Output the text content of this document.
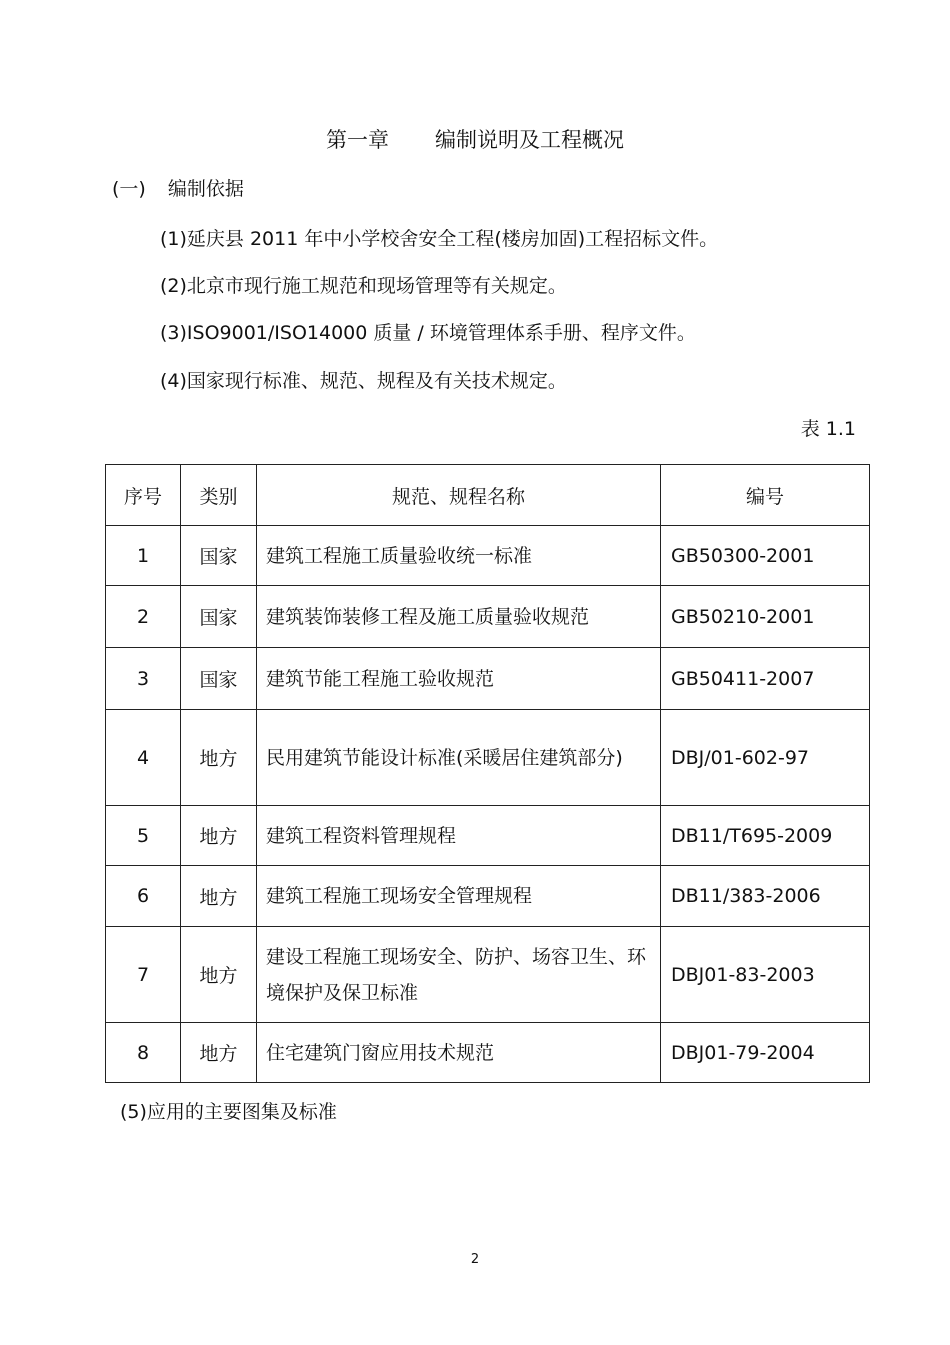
第一章 编制说明及工程概况
(一) 编制依据
(1)延庆县 2011 年中小学校舍安全工程(楼房加固)工程招标文件。
(2)北京市现行施工规范和现场管理等有关规定。
(3)ISO9001/ISO14000 质量 / 环境管理体系手册、程序文件。
(4)国家现行标准、规范、规程及有关技术规定。
表 1.1
序号	类别	规范、规程名称	编号
1	国家	建筑工程施工质量验收统一标准	GB50300-2001
2	国家	建筑装饰装修工程及施工质量验收规范	GB50210-2001
3	国家	建筑节能工程施工验收规范	GB50411-2007
4	地方	民用建筑节能设计标准(采暖居住建筑部分)	DBJ/01-602-97
5	地方	建筑工程资料管理规程	DB11/T695-2009
6	地方	建筑工程施工现场安全管理规程	DB11/383-2006
7	地方	建设工程施工现场安全、防护、场容卫生、环境保护及保卫标准	DBJ01-83-2003
8	地方	住宅建筑门窗应用技术规范	DBJ01-79-2004
(5)应用的主要图集及标准
2
